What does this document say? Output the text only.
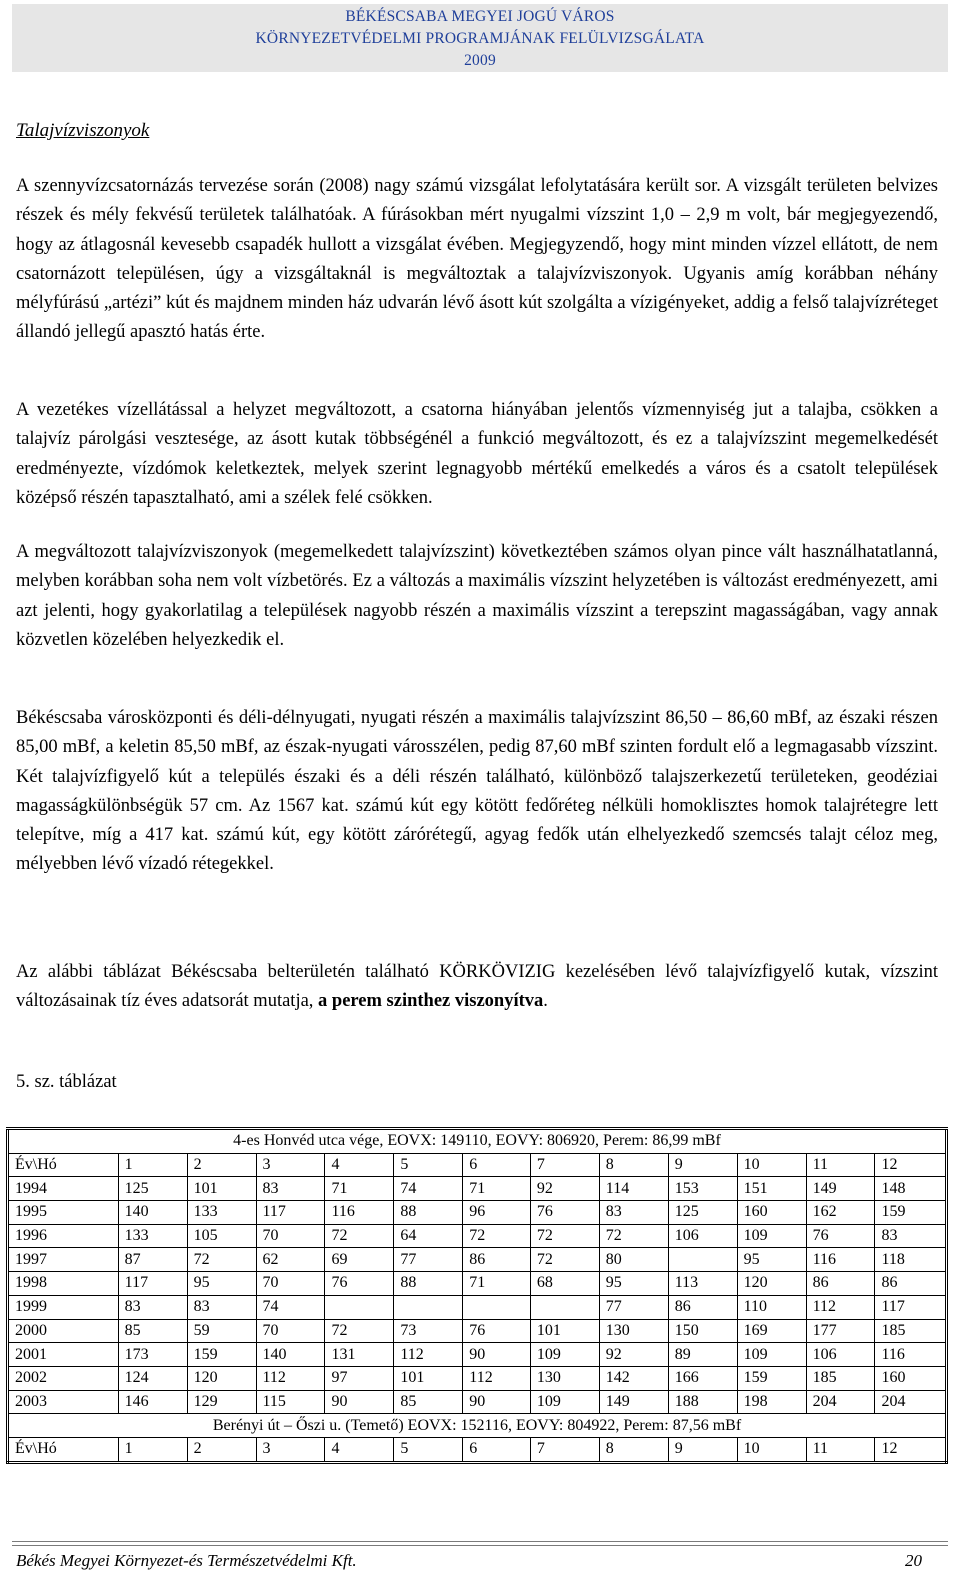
BÉKÉSCSABA MEGYEI JOGÚ VÁROS
KÖRNYEZETVÉDELMI PROGRAMJÁNAK FELÜLVIZSGÁLATA
2009
Talajvízviszonyok

A szennyvízcsatornázás tervezése során (2008) nagy számú vizsgálat lefolytatására került sor. A vizsgált területen belvizes részek és mély fekvésű területek találhatóak. A fúrásokban mért nyugalmi vízszint 1,0 – 2,9 m volt, bár megjegyezendő, hogy az átlagosnál kevesebb csapadék hullott a vizsgálat évében. Megjegyzendő, hogy mint minden vízzel ellátott, de nem csatornázott településen, úgy a vizsgáltaknál is megváltoztak a talajvízviszonyok. Ugyanis amíg korábban néhány mélyfúrású „artézi” kút és majdnem minden ház udvarán lévő ásott kút szolgálta a vízigényeket, addig a felső talajvízréteget állandó jellegű apasztó hatás érte.

A vezetékes vízellátással a helyzet megváltozott, a csatorna hiányában jelentős vízmennyiség jut a talajba, csökken a talajvíz párolgási vesztesége, az ásott kutak többségénél a funkció megváltozott, és ez a talajvízszint megemelkedését eredményezte, vízdómok keletkeztek, melyek szerint legnagyobb mértékű emelkedés a város és a csatolt települések középső részén tapasztalható, ami a szélek felé csökken.

A megváltozott talajvízviszonyok (megemelkedett talajvízszint) következtében számos olyan pince vált használhatatlanná, melyben korábban soha nem volt vízbetörés. Ez a változás a maximális vízszint helyzetében is változást eredményezett, ami azt jelenti, hogy gyakorlatilag a települések nagyobb részén a maximális vízszint a terepszint magasságában, vagy annak közvetlen közelében helyezkedik el.

Békéscsaba városközponti és déli-délnyugati, nyugati részén a maximális talajvízszint 86,50 – 86,60 mBf, az északi részen 85,00 mBf, a keletin 85,50 mBf, az észak-nyugati városszélen, pedig 87,60 mBf szinten fordult elő a legmagasabb vízszint. Két talajvízfigyelő kút a település északi és a déli részén található, különböző talajszerkezetű területeken, geodéziai magasságkülönbségük 57 cm. Az 1567 kat. számú kút egy kötött fedőréteg nélküli homoklisztes homok talajrétegre lett telepítve, míg a 417 kat. számú kút, egy kötött zárórétegű, agyag fedők után elhelyezkedő szemcsés talajt céloz meg, mélyebben lévő vízadó rétegekkel.

Az alábbi táblázat Békéscsaba belterületén található KÖRKÖVIZIG kezelésében lévő talajvízfigyelő kutak, vízszint változásainak tíz éves adatsorát mutatja, a perem szinthez viszonyítva.

5. sz. táblázat
4-es Honvéd utca vége, EOVX: 149110, EOVY: 806920, Perem: 86,99 mBf												
Év\Hó	1	2	3	4	5	6	7	8	9	10	11	12
1994	125	101	83	71	74	71	92	114	153	151	149	148
1995	140	133	117	116	88	96	76	83	125	160	162	159
1996	133	105	70	72	64	72	72	72	106	109	76	83
1997	87	72	62	69	77	86	72	80		95	116	118
1998	117	95	70	76	88	71	68	95	113	120	86	86
1999	83	83	74					77	86	110	112	117
2000	85	59	70	72	73	76	101	130	150	169	177	185
2001	173	159	140	131	112	90	109	92	89	109	106	116
2002	124	120	112	97	101	112	130	142	166	159	185	160
2003	146	129	115	90	85	90	109	149	188	198	204	204
Berényi út – Őszi u. (Temető) EOVX: 152116, EOVY: 804922, Perem: 87,56 mBf												
Év\Hó	1	2	3	4	5	6	7	8	9	10	11	12
Békés Megyei Környezet-és Természetvédelmi Kft.	20
